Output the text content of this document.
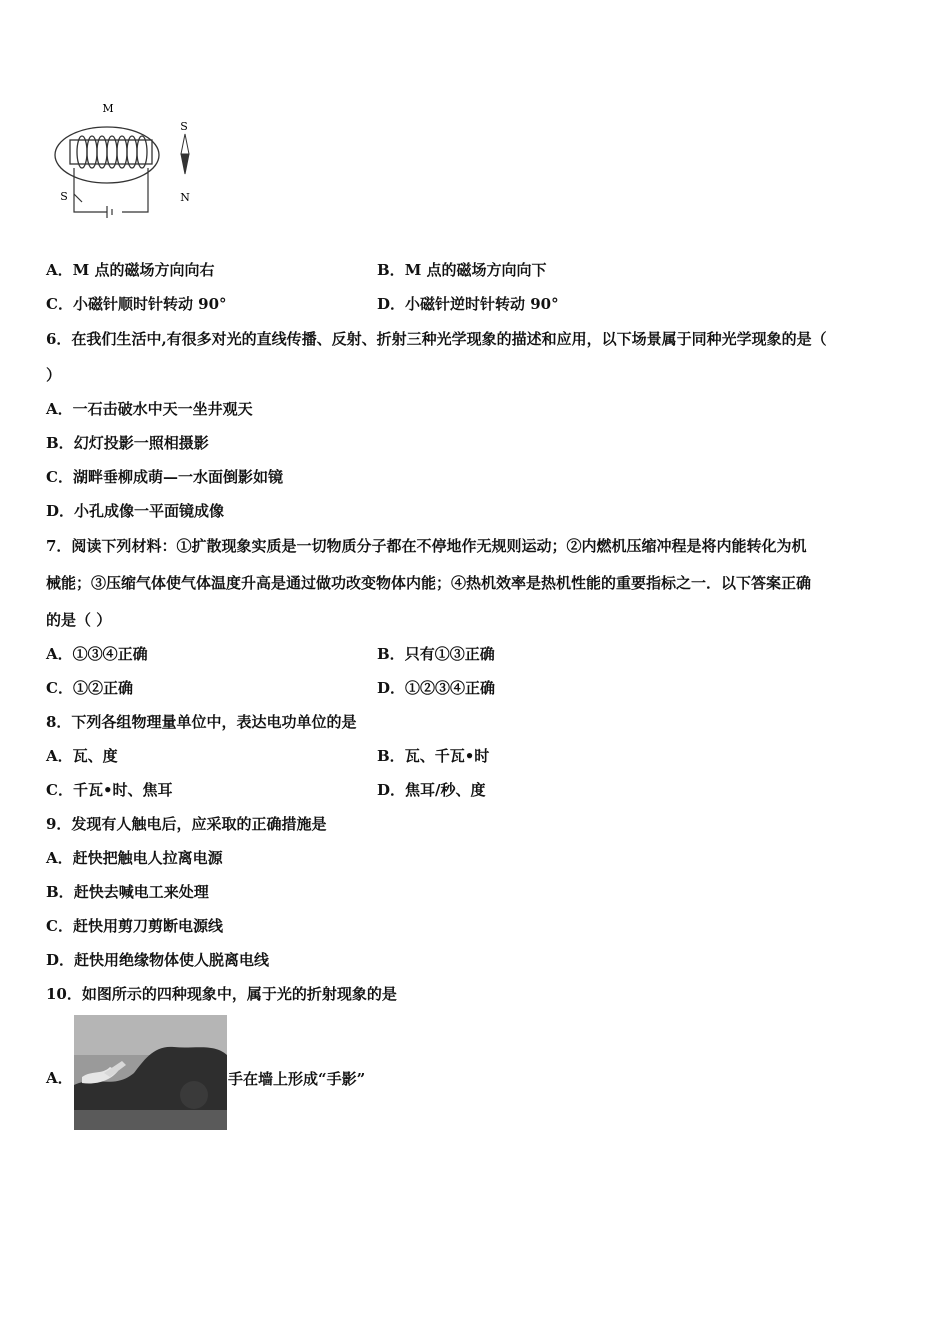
M
S
N
S
A．M 点的磁场方向向右	B．M 点的磁场方向向下
C．小磁针顺时针转动 90°	D．小磁针逆时针转动 90°
6．在我们生活中,有很多对光的直线传播、反射、折射三种光学现象的描述和应用，以下场景属于同种光学现象的是（
）
A．一石击破水中天一坐井观天
B．幻灯投影一照相摄影
C．湖畔垂柳成萌—一水面倒影如镜
D．小孔成像一平面镜成像
7．阅读下列材料：①扩散现象实质是一切物质分子都在不停地作无规则运动；②内燃机压缩冲程是将内能转化为机
械能；③压缩气体使气体温度升高是通过做功改变物体内能；④热机效率是热机性能的重要指标之一．以下答案正确
的是（ ）
A．①③④正确	B．只有①③正确
C．①②正确	D．①②③④正确
8．下列各组物理量单位中，表达电功单位的是
A．瓦、度	B．瓦、千瓦•时
C．千瓦•时、焦耳	D．焦耳/秒、度
9．发现有人触电后，应采取的正确措施是
A．赶快把触电人拉离电源
B．赶快去喊电工来处理
C．赶快用剪刀剪断电源线
D．赶快用绝缘物体使人脱离电线
10．如图所示的四种现象中，属于光的折射现象的是
A．	手在墙上形成“手影”
